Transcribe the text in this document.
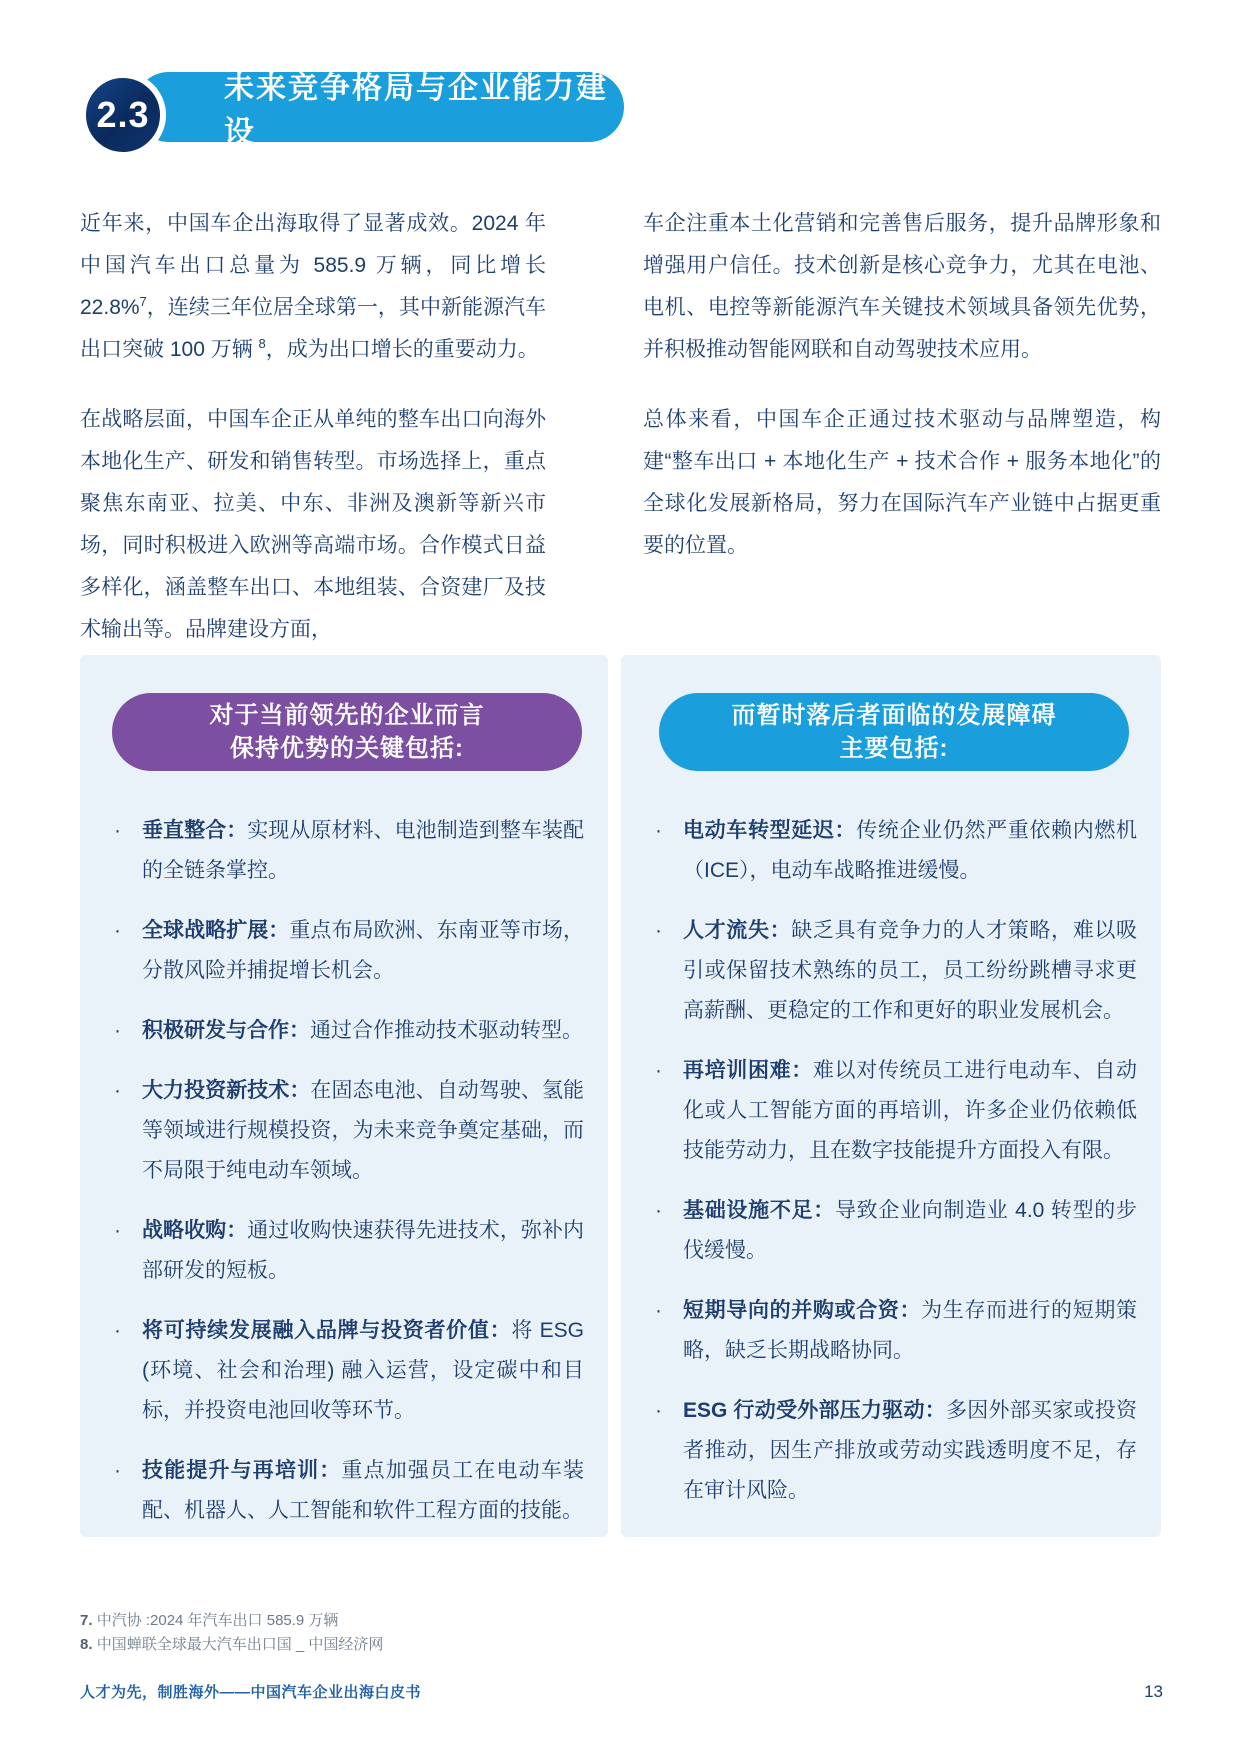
2.3
未来竞争格局与企业能力建设

近年来，中国车企出海取得了显著成效。2024 年中国汽车出口总量为 585.9 万辆，同比增长 22.8%$^7$，连续三年位居全球第一，其中新能源汽车出口突破 100 万辆 $^8$，成为出口增长的重要动力。

在战略层面，中国车企正从单纯的整车出口向海外本地化生产、研发和销售转型。市场选择上，重点聚焦东南亚、拉美、中东、非洲及澳新等新兴市场，同时积极进入欧洲等高端市场。合作模式日益多样化，涵盖整车出口、本地组装、合资建厂及技术输出等。品牌建设方面，

车企注重本土化营销和完善售后服务，提升品牌形象和增强用户信任。技术创新是核心竞争力，尤其在电池、电机、电控等新能源汽车关键技术领域具备领先优势，并积极推动智能网联和自动驾驶技术应用。

总体来看，中国车企正通过技术驱动与品牌塑造，构建“整车出口 + 本地化生产 + 技术合作 + 服务本地化”的全球化发展新格局，努力在国际汽车产业链中占据更重要的位置。

对于当前领先的企业而言
保持优势的关键包括:
·	垂直整合：实现从原材料、电池制造到整车装配的全链条掌控。

·	全球战略扩展：重点布局欧洲、东南亚等市场，分散风险并捕捉增长机会。

·	积极研发与合作：通过合作推动技术驱动转型。

·	大力投资新技术：在固态电池、自动驾驶、氢能等领域进行规模投资，为未来竞争奠定基础，而不局限于纯电动车领域。

·	战略收购：通过收购快速获得先进技术，弥补内部研发的短板。

·	将可持续发展融入品牌与投资者价值：将 ESG (环境、社会和治理) 融入运营，设定碳中和目标，并投资电池回收等环节。

·	技能提升与再培训：重点加强员工在电动车装配、机器人、人工智能和软件工程方面的技能。

而暂时落后者面临的发展障碍
主要包括:
·	电动车转型延迟：传统企业仍然严重依赖内燃机（ICE），电动车战略推进缓慢。

·	人才流失：缺乏具有竞争力的人才策略，难以吸引或保留技术熟练的员工，员工纷纷跳槽寻求更高薪酬、更稳定的工作和更好的职业发展机会。

·	再培训困难：难以对传统员工进行电动车、自动化或人工智能方面的再培训，许多企业仍依赖低技能劳动力，且在数字技能提升方面投入有限。

·	基础设施不足：导致企业向制造业 4.0 转型的步伐缓慢。

·	短期导向的并购或合资：为生存而进行的短期策略，缺乏长期战略协同。

·	ESG 行动受外部压力驱动：多因外部买家或投资者推动，因生产排放或劳动实践透明度不足，存在审计风险。

7. 中汽协 :2024 年汽车出口 585.9 万辆
8. 中国蝉联全球最大汽车出口国 _ 中国经济网
人才为先，制胜海外——中国汽车企业出海白皮书	13
